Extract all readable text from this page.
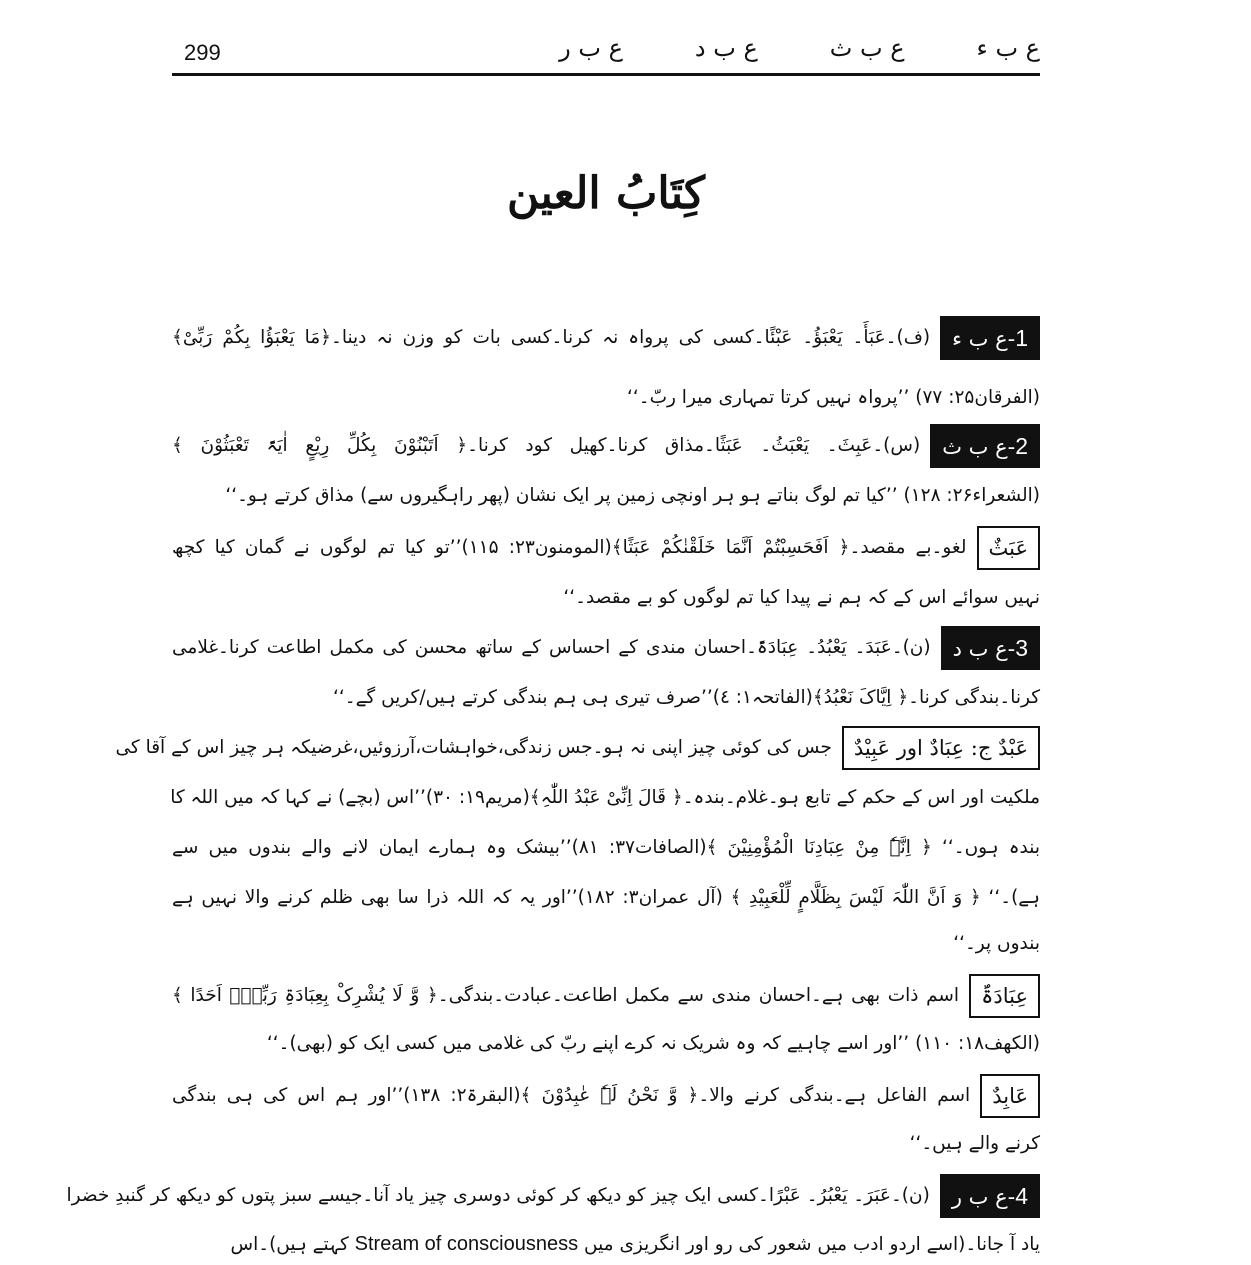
299	ع ب ء
ع ب ث
ع ب د
ع ب ر
کِتَابُ العین
1-ع ب ء(ف)۔عَبَأَ۔ یَعْبَؤُ۔ عَبْئًا۔کسی کی پرواہ نہ کرنا۔کسی بات کو وزن نہ دینا۔﴿مَا یَعْبَؤُا بِکُمْ رَبِّیْ﴾
(الفرقان۲۵: ۷۷) ’’پرواہ نہیں کرتا تمہاری میرا ربّ۔‘‘
2-ع ب ث(س)۔عَبِثَ۔ یَعْبَثُ۔ عَبَثًا۔مذاق کرنا۔کھیل کود کرنا۔﴿ اَتَبْنُوْنَ بِکُلِّ رِیْعٍ اٰیَۃً تَعْبَثُوْنَ ﴾
(الشعراء۲۶: ۱۲۸) ’’کیا تم لوگ بناتے ہو ہر اونچی زمین پر ایک نشان (پھر راہگیروں سے) مذاق کرتے ہو۔‘‘
عَبَثٌلغو۔بے مقصد۔﴿ اَفَحَسِبْتُمْ اَنَّمَا خَلَقْنٰکُمْ عَبَثًا﴾(المومنون۲۳: ۱۱۵)’’تو کیا تم لوگوں نے گمان کیا کچھ
نہیں سوائے اس کے کہ ہم نے پیدا کیا تم لوگوں کو بے مقصد۔‘‘
3-ع ب د(ن)۔عَبَدَ۔ یَعْبُدُ۔ عِبَادَۃً۔احسان مندی کے احساس کے ساتھ محسن کی مکمل اطاعت کرنا۔غلامی
کرنا۔بندگی کرنا۔﴿ اِیَّاکَ نَعْبُدُ﴾(الفاتحہ۱: ٤)’’صرف تیری ہی ہم بندگی کرتے ہیں/کریں گے۔‘‘
عَبْدٌ ج: عِبَادٌ اور عَبِیْدٌجس کی کوئی چیز اپنی نہ ہو۔جس زندگی،خواہشات،آرزوئیں،غرضیکہ ہر چیز اس کے آقا کی
ملکیت اور اس کے حکم کے تابع ہو۔غلام۔بندہ۔﴿ قَالَ اِنِّیْ عَبْدُ اللّٰہِ﴾(مریم۱۹: ۳۰)’’اس (بچے) نے کہا کہ میں اللہ کا
بندہ ہوں۔‘‘ ﴿ اِنَّہٗ مِنْ عِبَادِنَا الْمُؤْمِنِیْنَ ﴾(الصافات۳۷: ۸۱)’’بیشک وہ ہمارے ایمان لانے والے بندوں میں سے
ہے)۔‘‘ ﴿ وَ اَنَّ اللّٰہَ لَیْسَ بِظَلَّامٍ لِّلْعَبِیْدِ ﴾ (آل عمران۳: ۱۸۲)’’اور یہ کہ اللہ ذرا سا بھی ظلم کرنے والا نہیں ہے
بندوں پر۔‘‘
عِبَادَۃٌاسم ذات بھی ہے۔احسان مندی سے مکمل اطاعت۔عبادت۔بندگی۔﴿ وَّ لَا یُشْرِکْ بِعِبَادَۃِ رَبِّہٖۤ اَحَدًا ﴾
(الکھف۱۸: ۱۱۰) ’’اور اسے چاہیے کہ وہ شریک نہ کرے اپنے ربّ کی غلامی میں کسی ایک کو (بھی)۔‘‘
عَابِدٌاسم الفاعل ہے۔بندگی کرنے والا۔﴿ وَّ نَحْنُ لَہٗ عٰبِدُوْنَ ﴾(البقرۃ۲: ۱۳۸)’’اور ہم اس کی ہی بندگی
کرنے والے ہیں۔‘‘
4-ع ب ر(ن)۔عَبَرَ۔ یَعْبُرُ۔ عَبْرًا۔کسی ایک چیز کو دیکھ کر کوئی دوسری چیز یاد آنا۔جیسے سبز پتوں کو دیکھ کر گنبدِ خضرا
یاد آ جانا۔(اسے اردو ادب میں شعور کی رو اور انگریزی میں Stream of consciousness کہتے ہیں)۔اس
